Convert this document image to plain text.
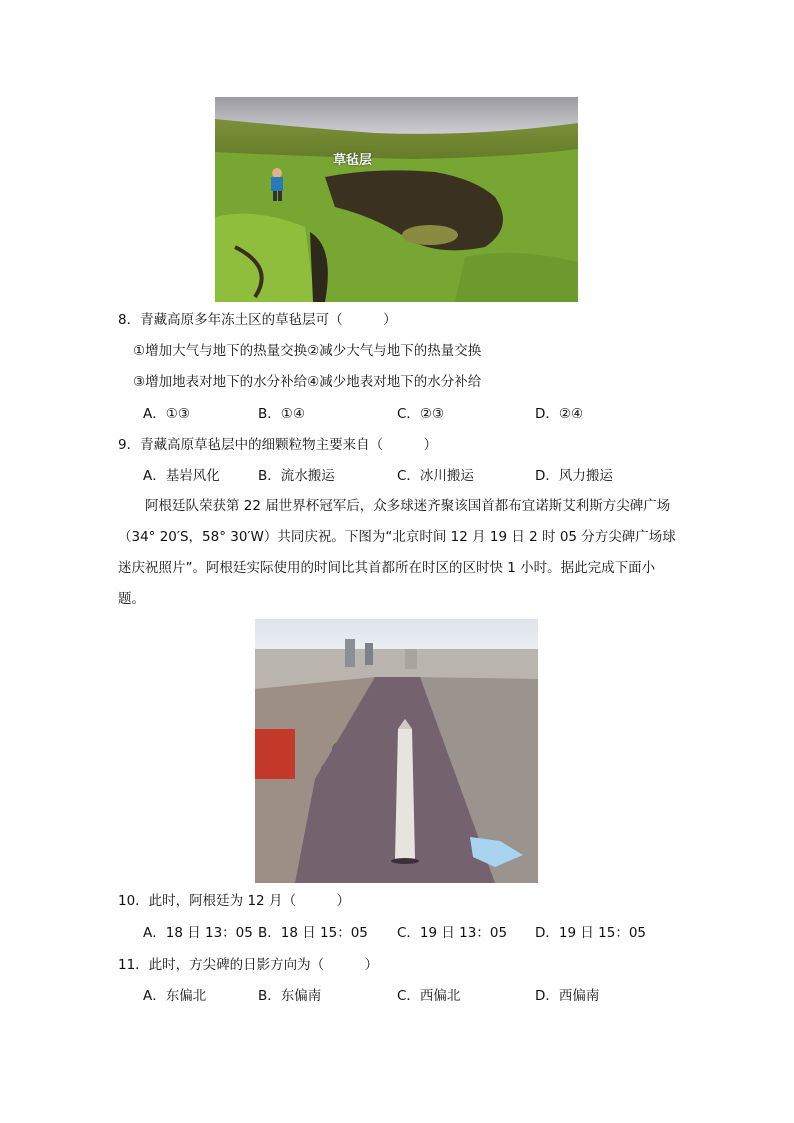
草毡层
8．青藏高原多年冻土区的草毡层可（　　　）
①增加大气与地下的热量交换②减少大气与地下的热量交换
③增加地表对地下的水分补给④减少地表对地下的水分补给
A．①③	B．①④	C．②③	D．②④
9．青藏高原草毡层中的细颗粒物主要来自（　　　）
A．基岩风化	B．流水搬运	C．冰川搬运	D．风力搬运
阿根廷队荣获第 22 届世界杯冠军后，众多球迷齐聚该国首都布宜诺斯艾利斯方尖碑广场（34° 20′S，58° 30′W）共同庆祝。下图为“北京时间 12 月 19 日 2 时 05 分方尖碑广场球迷庆祝照片”。阿根廷实际使用的时间比其首都所在时区的区时快 1 小时。据此完成下面小题。
10．此时，阿根廷为 12 月（　　　）
A．18 日 13：05 B．18 日 15：05 C．19 日 13：05 D．19 日 15：05
11．此时，方尖碑的日影方向为（　　　）
A．东偏北	B．东偏南	C．西偏北	D．西偏南
